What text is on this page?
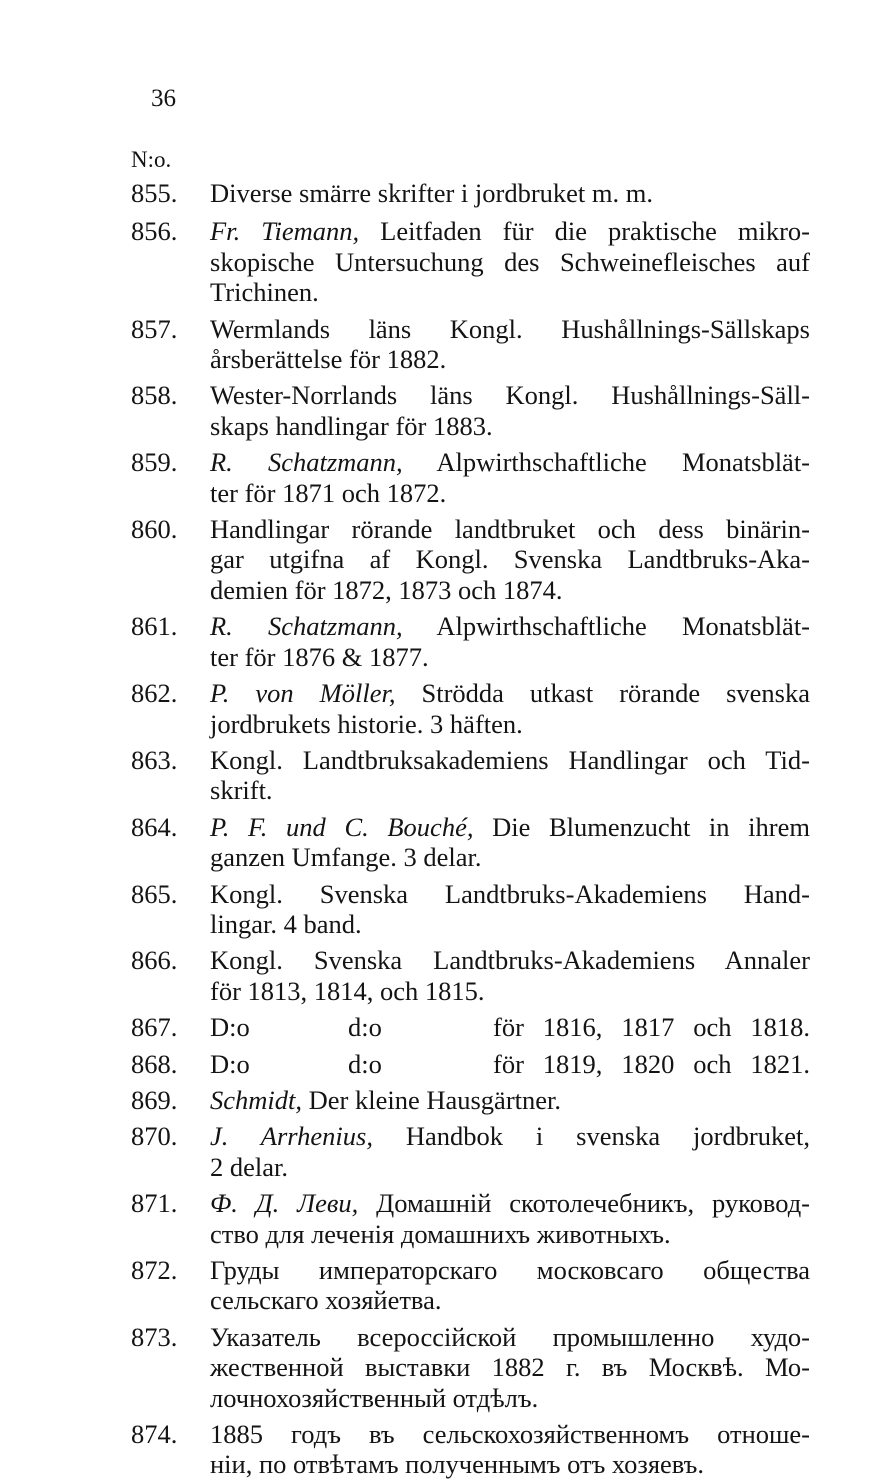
36
N:o.
855. Diverse smärre skrifter i jordbruket m. m.
856. Fr. Tiemann, Leitfaden für die praktische mikro-
skopische Untersuchung des Schweinefleisches auf
Trichinen.
857. Wermlands läns Kongl. Hushållnings-Sällskaps
årsberättelse för 1882.
858. Wester-Norrlands läns Kongl. Hushållnings-Säll-
skaps handlingar för 1883.
859. R. Schatzmann, Alpwirthschaftliche Monatsblät-
ter för 1871 och 1872.
860. Handlingar rörande landtbruket och dess binärin-
gar utgifna af Kongl. Svenska Landtbruks-Aka-
demien för 1872, 1873 och 1874.
861. R. Schatzmann, Alpwirthschaftliche Monatsblät-
ter för 1876 & 1877.
862. P. von Möller, Strödda utkast rörande svenska
jordbrukets historie. 3 häften.
863. Kongl. Landtbruksakademiens Handlingar och Tid-
skrift.
864. P. F. und C. Bouché, Die Blumenzucht in ihrem
ganzen Umfange. 3 delar.
865. Kongl. Svenska Landtbruks-Akademiens Hand-
lingar. 4 band.
866. Kongl. Svenska Landtbruks-Akademiens Annaler
för 1813, 1814, och 1815.
867. D:o	d:o	för 1816, 1817 och 1818.
868. D:o	d:o	för 1819, 1820 och 1821.
869. Schmidt, Der kleine Hausgärtner.
870. J. Arrhenius, Handbok i svenska jordbruket,
2 delar.
871. Ф. Д. Леви, Домашнiй скотолечебникъ, руковод-
ство для леченiя домашнихъ животныхъ.
872. Груды императорскаго московсаго общества
сельскаго хозяйетва.
873. Указатель всероссiйской промышленно худо-
жественной выставки 1882 г. въ Москвѣ. Мо-
лочнохозяйственный отдѣлъ.
874. 1885 годъ въ сельскохозяйственномъ отноше-
нiи, по отвѣтамъ полученнымъ отъ хозяевъ.
